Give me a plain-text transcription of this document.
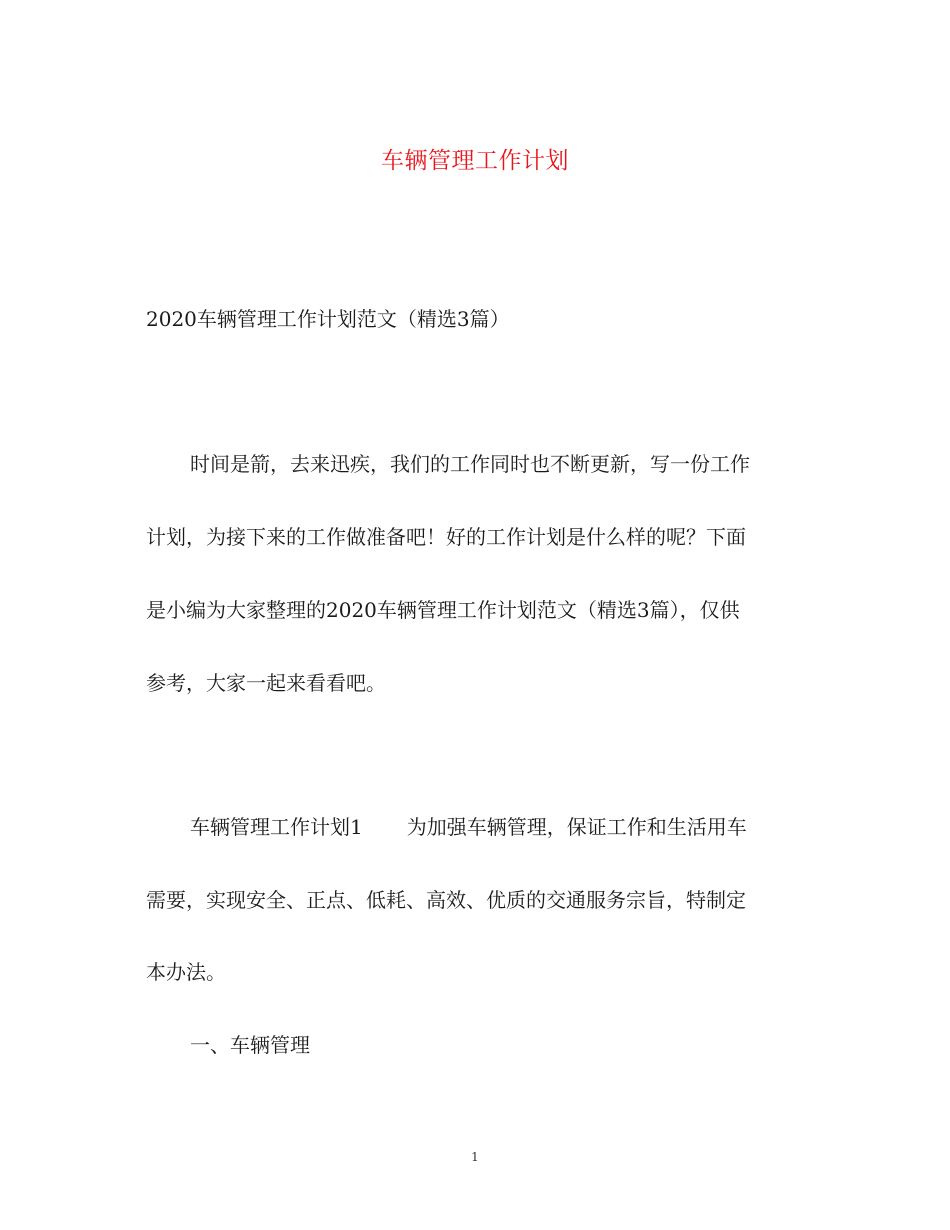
车辆管理工作计划
2020车辆管理工作计划范文（精选3篇）
时间是箭，去来迅疾，我们的工作同时也不断更新，写一份工作
计划，为接下来的工作做准备吧！好的工作计划是什么样的呢？下面
是小编为大家整理的2020车辆管理工作计划范文（精选3篇），仅供
参考，大家一起来看看吧。
车辆管理工作计划1 为加强车辆管理，保证工作和生活用车
需要，实现安全、正点、低耗、高效、优质的交通服务宗旨，特制定
本办法。
一、车辆管理
1
